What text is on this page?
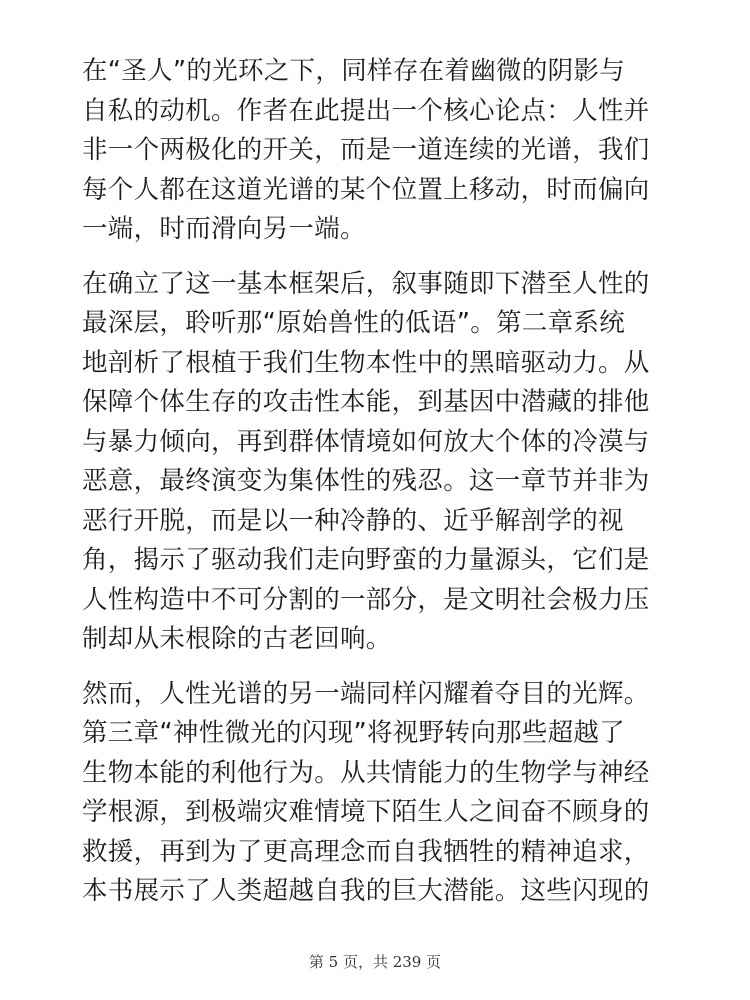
在“圣人”的光环之下，同样存在着幽微的阴影与
自私的动机。作者在此提出一个核心论点：人性并
非一个两极化的开关，而是一道连续的光谱，我们
每个人都在这道光谱的某个位置上移动，时而偏向
一端，时而滑向另一端。

在确立了这一基本框架后，叙事随即下潜至人性的
最深层，聆听那“原始兽性的低语”。第二章系统
地剖析了根植于我们生物本性中的黑暗驱动力。从
保障个体生存的攻击性本能，到基因中潜藏的排他
与暴力倾向，再到群体情境如何放大个体的冷漠与
恶意，最终演变为集体性的残忍。这一章节并非为
恶行开脱，而是以一种冷静的、近乎解剖学的视
角，揭示了驱动我们走向野蛮的力量源头，它们是
人性构造中不可分割的一部分，是文明社会极力压
制却从未根除的古老回响。

然而，人性光谱的另一端同样闪耀着夺目的光辉。
第三章“神性微光的闪现”将视野转向那些超越了
生物本能的利他行为。从共情能力的生物学与神经
学根源，到极端灾难情境下陌生人之间奋不顾身的
救援，再到为了更高理念而自我牺牲的精神追求，
本书展示了人类超越自我的巨大潜能。这些闪现的

第 5 页，共 239 页
